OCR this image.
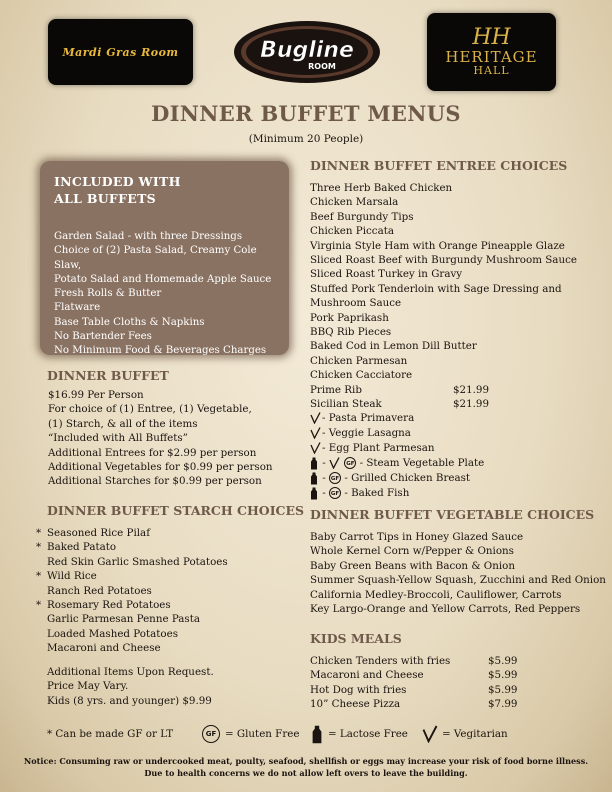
Mardi Gras Room	Bugline
ROOM
HH
HERITAGE
HALL
DINNER BUFFET MENUS
(Minimum 20 People)
INCLUDED WITH
ALL BUFFETS
Garden Salad - with three Dressings
Choice of (2) Pasta Salad, Creamy Cole Slaw,
Potato Salad and Homemade Apple Sauce
Fresh Rolls & Butter
Flatware
Base Table Cloths & Napkins
No Bartender Fees
No Minimum Food & Beverages Charges
DINNER BUFFET
$16.99 Per Person
For choice of (1) Entree, (1) Vegetable,
(1) Starch, & all of the items
“Included with All Buffets”
Additional Entrees for $2.99 per person
Additional Vegetables for $0.99 per person
Additional Starches for $0.99 per person
DINNER BUFFET STARCH CHOICES
* Seasoned Rice Pilaf
* Baked Patato
Red Skin Garlic Smashed Potatoes
* Wild Rice
Ranch Red Potatoes
* Rosemary Red Potatoes
Garlic Parmesan Penne Pasta
Loaded Mashed Potatoes
Macaroni and Cheese
Additional Items Upon Request.
Price May Vary.
Kids (8 yrs. and younger) $9.99
DINNER BUFFET ENTREE CHOICES
Three Herb Baked Chicken
Chicken Marsala
Beef Burgundy Tips
Chicken Piccata
Virginia Style Ham with Orange Pineapple Glaze
Sliced Roast Beef with Burgundy Mushroom Sauce
Sliced Roast Turkey in Gravy
Stuffed Pork Tenderloin with Sage Dressing and
Mushroom Sauce
Pork Paprikash
BBQ Rib Pieces
Baked Cod in Lemon Dill Butter
Chicken Parmesan
Chicken Cacciatore
Prime Rib	$21.99
Sicilian Steak	$21.99
- Pasta Primavera
- Veggie Lasagna
- Egg Plant Parmesan
-	GF - Steam Vegetable Plate
- GF - Grilled Chicken Breast
- GF - Baked Fish
DINNER BUFFET VEGETABLE CHOICES
Baby Carrot Tips in Honey Glazed Sauce
Whole Kernel Corn w/Pepper & Onions
Baby Green Beans with Bacon & Onion
Summer Squash-Yellow Squash, Zucchini and Red Onion
California Medley-Broccoli, Cauliflower, Carrots
Key Largo-Orange and Yellow Carrots, Red Peppers
KIDS MEALS
Chicken Tenders with fries	$5.99
Macaroni and Cheese	$5.99
Hot Dog with fries	$5.99
10” Cheese Pizza	$7.99
* Can be made GF or LT	GF = Gluten Free	= Lactose Free	= Vegitarian
Notice: Consuming raw or undercooked meat, poulty, seafood, shellfish or eggs may increase your risk of food borne illness.
Due to health concerns we do not allow left overs to leave the building.
